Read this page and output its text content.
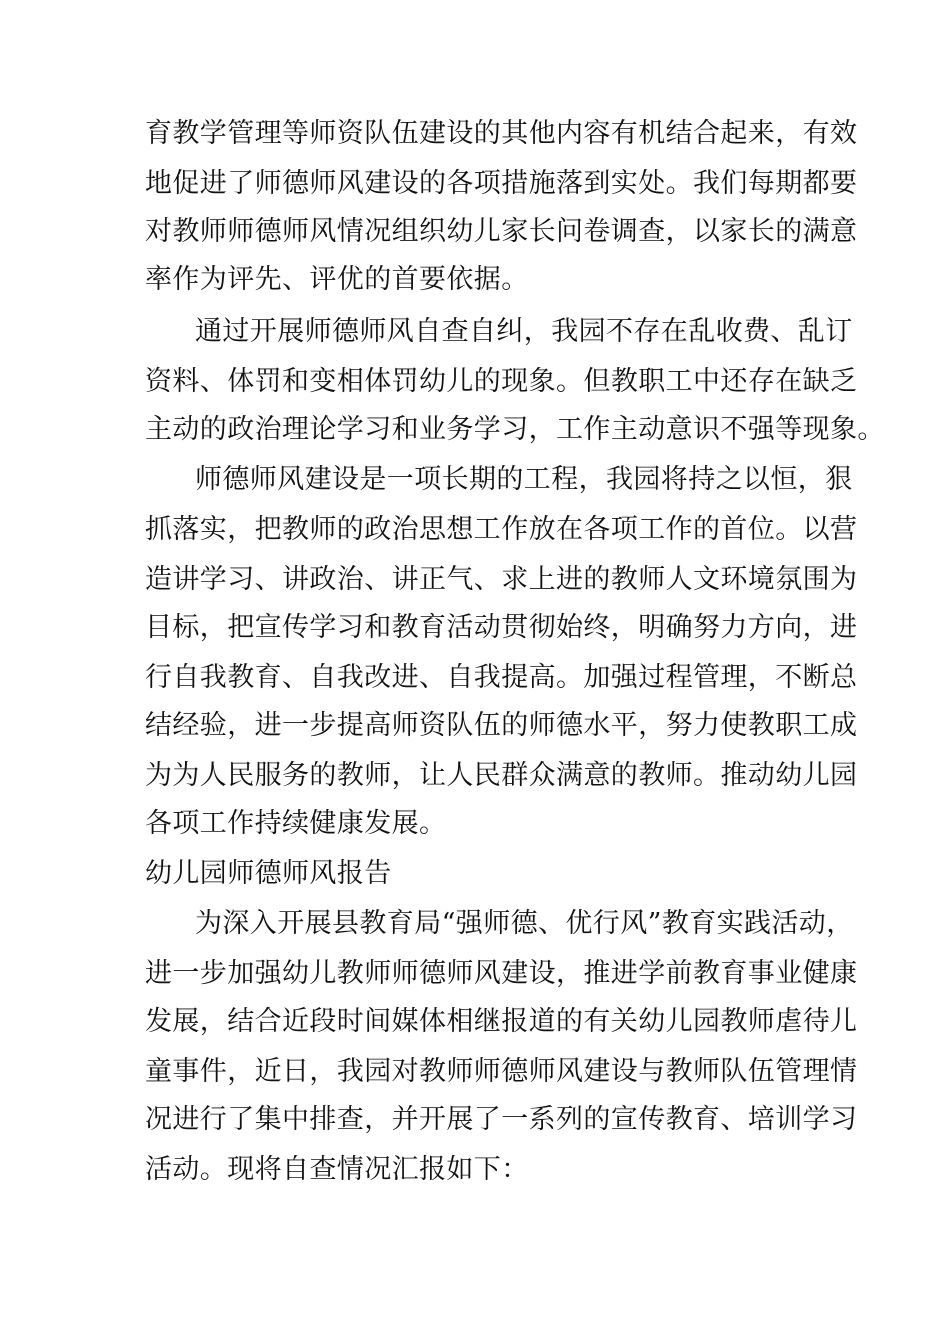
育教学管理等师资队伍建设的其他内容有机结合起来，有效
地促进了师德师风建设的各项措施落到实处。我们每期都要
对教师师德师风情况组织幼儿家长问卷调查，以家长的满意
率作为评先、评优的首要依据。
通过开展师德师风自查自纠，我园不存在乱收费、乱订
资料、体罚和变相体罚幼儿的现象。但教职工中还存在缺乏
主动的政治理论学习和业务学习，工作主动意识不强等现象。
师德师风建设是一项长期的工程，我园将持之以恒，狠
抓落实，把教师的政治思想工作放在各项工作的首位。以营
造讲学习、讲政治、讲正气、求上进的教师人文环境氛围为
目标，把宣传学习和教育活动贯彻始终，明确努力方向，进
行自我教育、自我改进、自我提高。加强过程管理，不断总
结经验，进一步提高师资队伍的师德水平，努力使教职工成
为为人民服务的教师，让人民群众满意的教师。推动幼儿园
各项工作持续健康发展。
幼儿园师德师风报告
为深入开展县教育局“强师德、优行风”教育实践活动，
进一步加强幼儿教师师德师风建设，推进学前教育事业健康
发展，结合近段时间媒体相继报道的有关幼儿园教师虐待儿
童事件，近日，我园对教师师德师风建设与教师队伍管理情
况进行了集中排查，并开展了一系列的宣传教育、培训学习
活动。现将自查情况汇报如下：
